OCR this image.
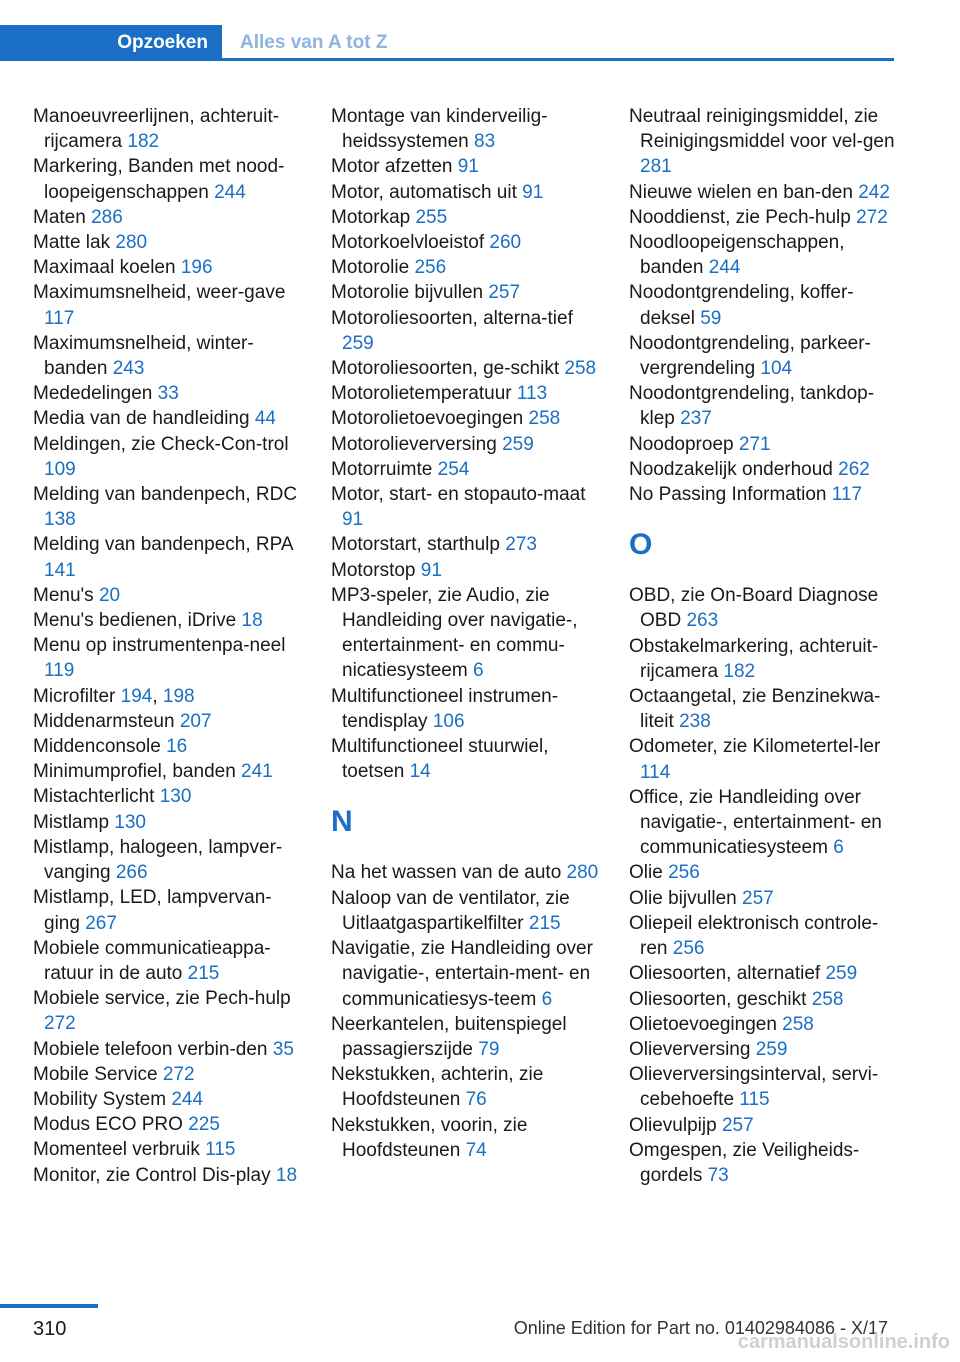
Opzoeken	Alles van A tot Z
Manoeuvreerlijnen, achteruit-rijcamera 182
Markering, Banden met nood-loopeigenschappen 244
Maten 286
Matte lak 280
Maximaal koelen 196
Maximumsnelheid, weer-gave 117
Maximumsnelheid, winter-banden 243
Mededelingen 33
Media van de handleiding 44
Meldingen, zie Check-Con-trol 109
Melding van bandenpech, RDC 138
Melding van bandenpech, RPA 141
Menu's 20
Menu's bedienen, iDrive 18
Menu op instrumentenpa-neel 119
Microfilter 194, 198
Middenarmsteun 207
Middenconsole 16
Minimumprofiel, banden 241
Mistachterlicht 130
Mistlamp 130
Mistlamp, halogeen, lampver-vanging 266
Mistlamp, LED, lampvervan-ging 267
Mobiele communicatieappa-ratuur in de auto 215
Mobiele service, zie Pech-hulp 272
Mobiele telefoon verbin-den 35
Mobile Service 272
Mobility System 244
Modus ECO PRO 225
Momenteel verbruik 115
Monitor, zie Control Dis-play 18
Montage van kinderveilig-heidssystemen 83
Motor afzetten 91
Motor, automatisch uit 91
Motorkap 255
Motorkoelvloeistof 260
Motorolie 256
Motorolie bijvullen 257
Motoroliesoorten, alterna-tief 259
Motoroliesoorten, ge-schikt 258
Motorolietemperatuur 113
Motorolietoevoegingen 258
Motorolieverversing 259
Motorruimte 254
Motor, start- en stopauto-maat 91
Motorstart, starthulp 273
Motorstop 91
MP3-speler, zie Audio, zie Handleiding over navigatie-, entertainment- en commu-nicatiesysteem 6
Multifunctioneel instrumen-tendisplay 106
Multifunctioneel stuurwiel, toetsen 14
N
Na het wassen van de auto 280
Naloop van de ventilator, zie Uitlaatgaspartikelfilter 215
Navigatie, zie Handleiding over navigatie-, entertain-ment- en communicatiesys-teem 6
Neerkantelen, buitenspiegel passagierszijde 79
Nekstukken, achterin, zie Hoofdsteunen 76
Nekstukken, voorin, zie Hoofdsteunen 74
Neutraal reinigingsmiddel, zie Reinigingsmiddel voor vel-gen 281
Nieuwe wielen en ban-den 242
Nooddienst, zie Pech-hulp 272
Noodloopeigenschappen, banden 244
Noodontgrendeling, koffer-deksel 59
Noodontgrendeling, parkeer-vergrendeling 104
Noodontgrendeling, tankdop-klep 237
Noodoproep 271
Noodzakelijk onderhoud 262
No Passing Information 117
O
OBD, zie On-Board Diagnose OBD 263
Obstakelmarkering, achteruit-rijcamera 182
Octaangetal, zie Benzinekwa-liteit 238
Odometer, zie Kilometertel-ler 114
Office, zie Handleiding over navigatie-, entertainment- en communicatiesysteem 6
Olie 256
Olie bijvullen 257
Oliepeil elektronisch controle-ren 256
Oliesoorten, alternatief 259
Oliesoorten, geschikt 258
Olietoevoegingen 258
Olieverversing 259
Olieverversingsinterval, servi-cebehoefte 115
Olievulpijp 257
Omgespen, zie Veiligheids-gordels 73
310	Online Edition for Part no. 01402984086 - X/17
carmanualsonline.info
